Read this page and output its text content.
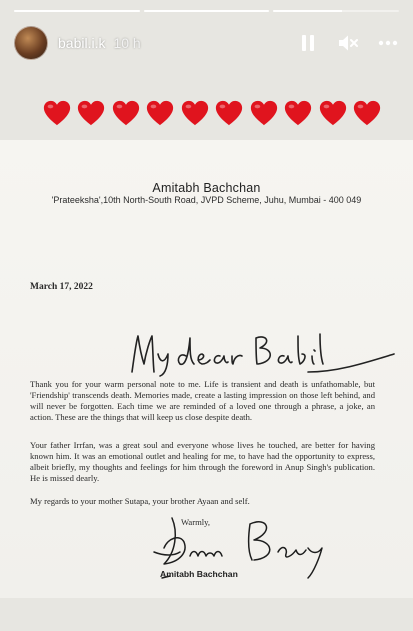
babil.i.k 10 h
Amitabh Bachchan
'Prateeksha',10th North-South Road, JVPD Scheme, Juhu, Mumbai - 400 049
March 17, 2022
Thank you for your warm personal note to me. Life is transient and death is unfathomable, but 'Friendship' transcends death. Memories made, create a lasting impression on those left behind, and will never be forgotten. Each time we are reminded of a loved one through a phrase, a joke, an action. These are the things that will keep us close despite death.
Your father Irrfan, was a great soul and everyone whose lives he touched, are better for having known him. It was an emotional outlet and healing for me, to have had the opportunity to express, albeit briefly, my thoughts and feelings for him through the foreword in Anup Singh's publication. He is missed dearly.
My regards to your mother Sutapa, your brother Ayaan and self.
Warmly,
Amitabh Bachchan
